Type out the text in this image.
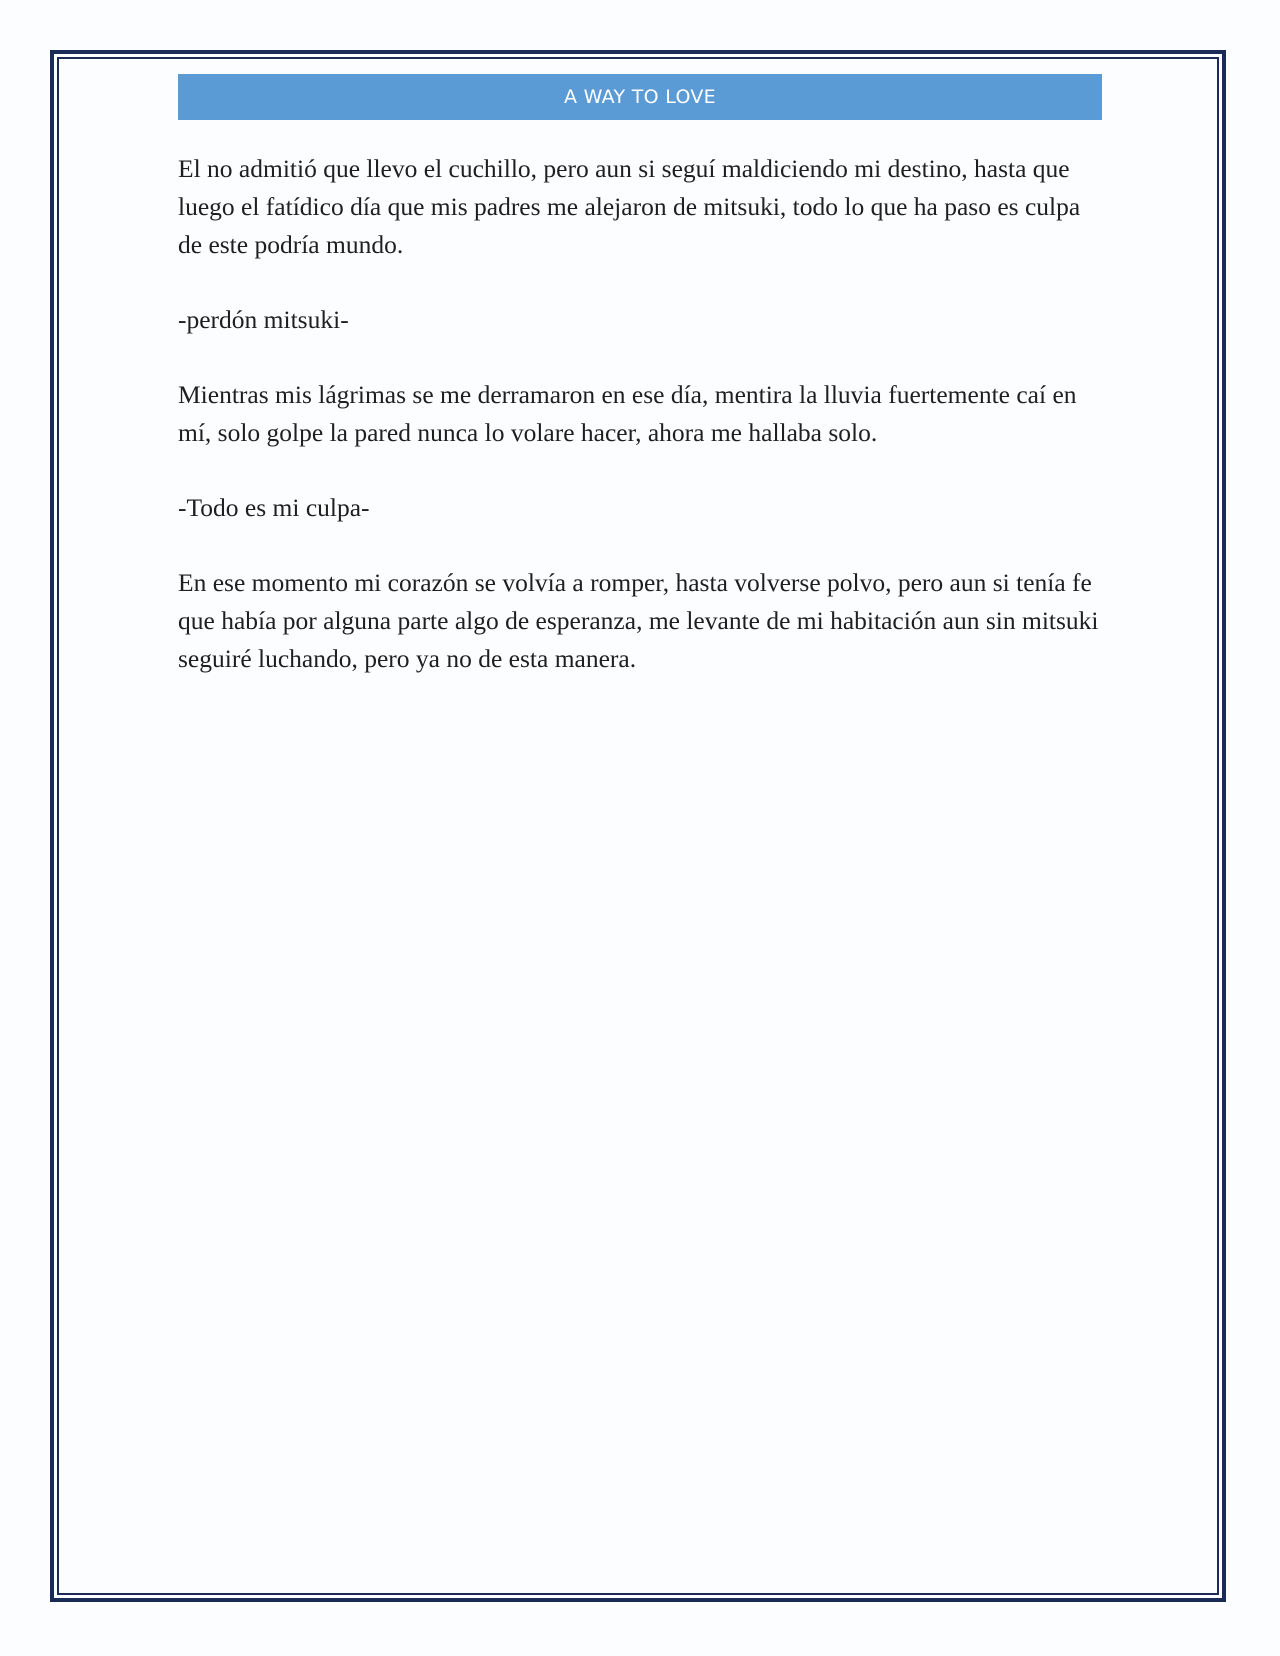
A WAY TO LOVE

El no admitió que llevo el cuchillo, pero aun si seguí maldiciendo mi destino, hasta que luego el fatídico día que mis padres me alejaron de mitsuki, todo lo que ha paso es culpa de este podría mundo.

-perdón mitsuki-

Mientras mis lágrimas se me derramaron en ese día, mentira la lluvia fuertemente caí en mí, solo golpe la pared nunca lo volare hacer, ahora me hallaba solo.

-Todo es mi culpa-

En ese momento mi corazón se volvía a romper, hasta volverse polvo, pero aun si tenía fe que había por alguna parte algo de esperanza, me levante de mi habitación aun sin mitsuki seguiré luchando, pero ya no de esta manera.
